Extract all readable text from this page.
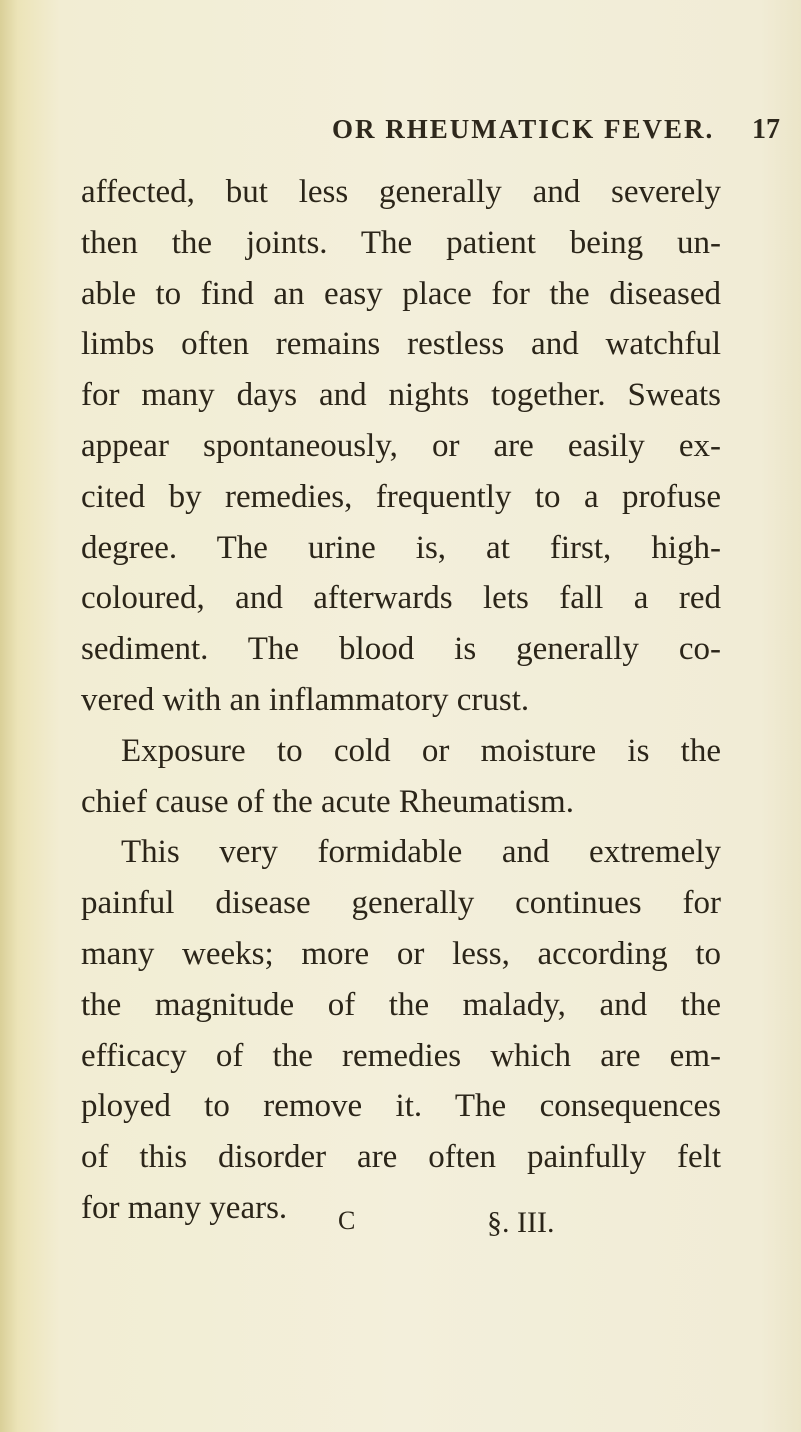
OR RHEUMATICK FEVER. 17
affected, but less generally and severely
then the joints. The patient being un-
able to find an easy place for the diseased
limbs often remains restless and watchful
for many days and nights together. Sweats
appear spontaneously, or are easily ex-
cited by remedies, frequently to a profuse
degree. The urine is, at first, high-
coloured, and afterwards lets fall a red
sediment. The blood is generally co-
vered with an inflammatory crust.
Exposure to cold or moisture is the
chief cause of the acute Rheumatism.
This very formidable and extremely
painful disease generally continues for
many weeks; more or less, according to
the magnitude of the malady, and the
efficacy of the remedies which are em-
ployed to remove it. The consequences
of this disorder are often painfully felt
for many years.	C	§. III.
